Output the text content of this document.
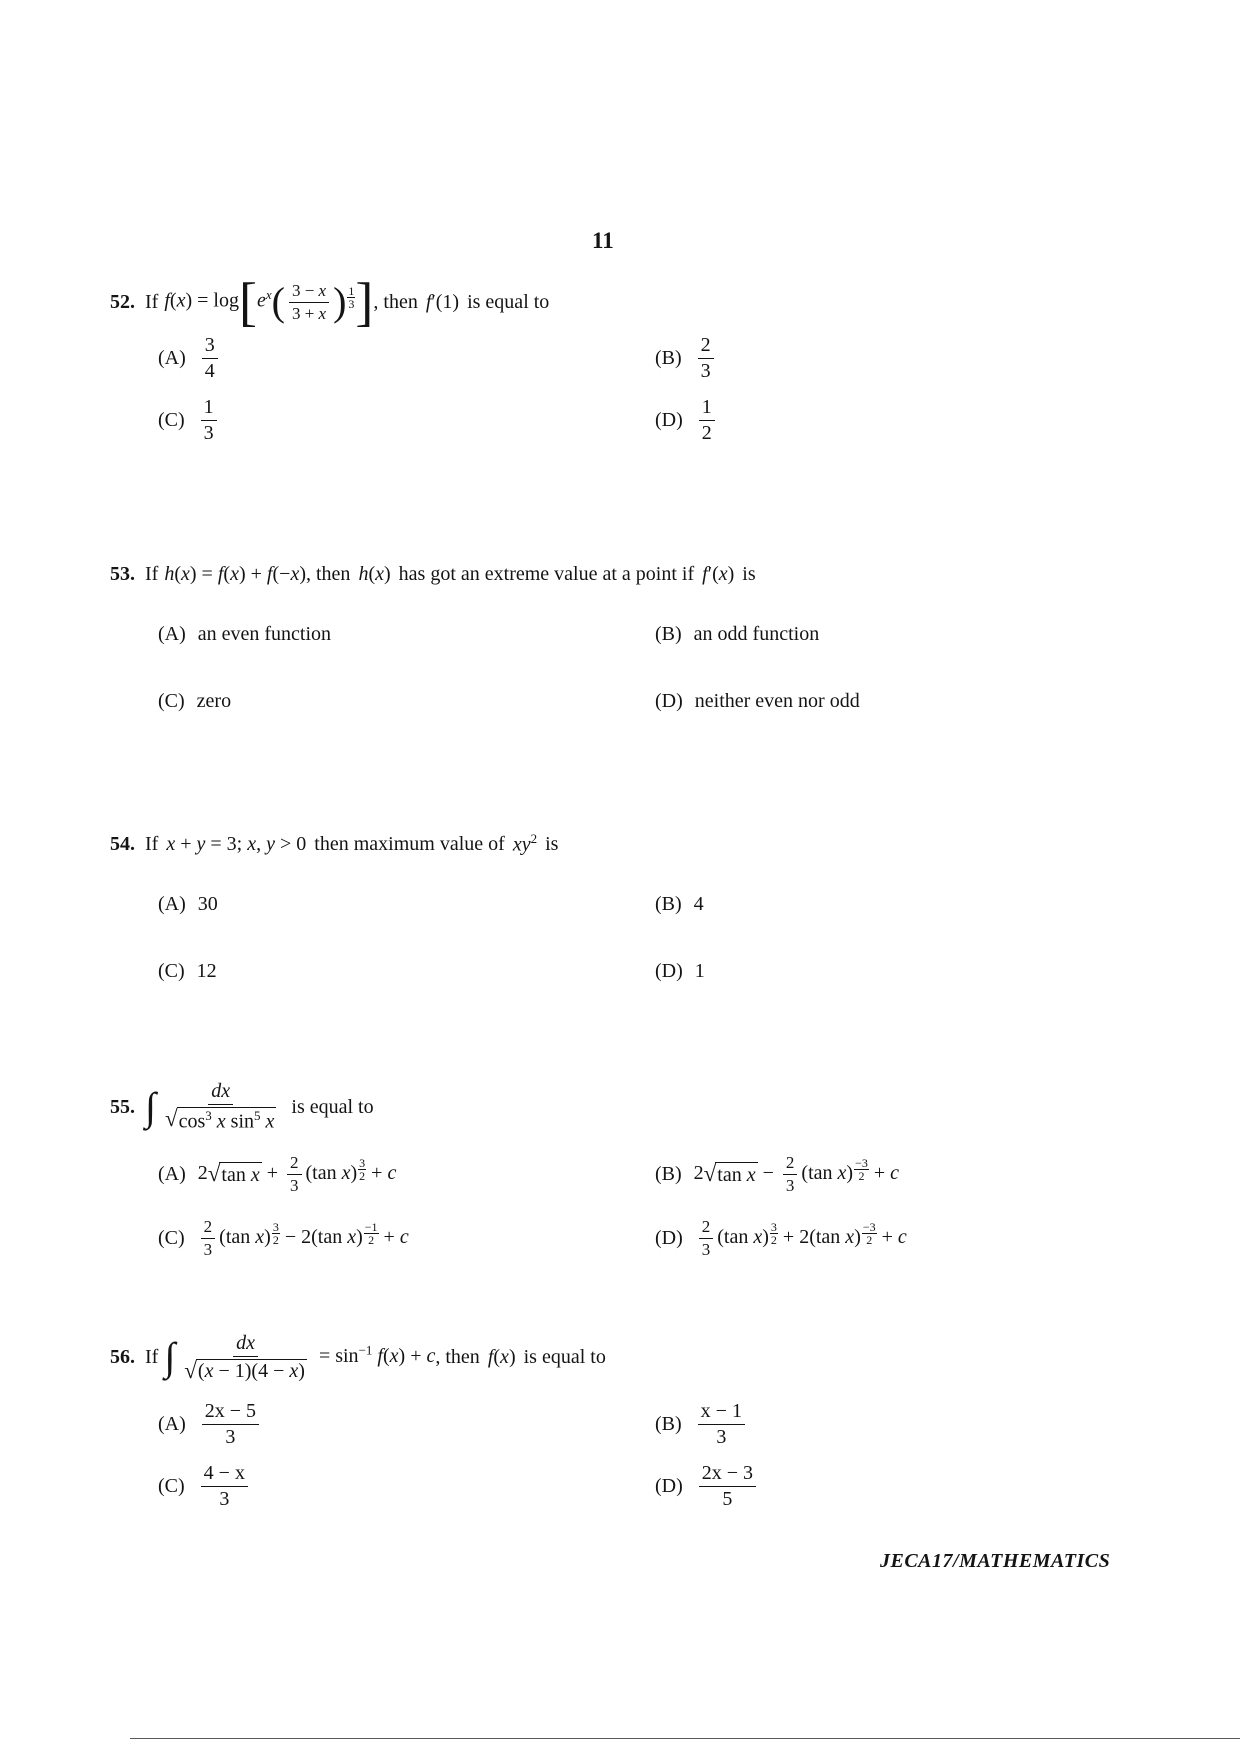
11
52. If $f(x) = \log[e^x( \frac{3 - x}{3 + x}$ ) $\frac{1}{3}$ ] , then f′(1) is equal to
$(A) \frac{3}{4}$	$(B) \frac{2}{3}$
$(C) \frac{1}{3}$	$(D) \frac{1}{2}$
53. If h(x) = f(x) + f(−x) , then h(x) has got an extreme value at a point if f′(x) is
(A) an even function	(B) an odd function
(C) zero	(D) neither even nor odd
54. If x + y = 3; x, y > 0 then maximum value of $xy^2$ is
(A) 30	(B) 4
(C) 12	(D) 1
55. ∫ $\frac{dx}{√ \cos^3 x \sin^5 x}$ is equal to
(A) 2 √ $\tan x + \frac{2}{3} (\tan$ $x) \frac{3}{2} + c$	(B) 2 √ $\tan x - \frac{2}{3} (\tan$ $x) \frac{-3}{2} + c$
$(C) \frac{2}{3} (\tan$ $x) \frac{3}{2} - 2(\tan$ $x) \frac{-1}{2} + c$	$(D) \frac{2}{3} (\tan$ $x) \frac{3}{2} + 2(\tan$ $x) \frac{-3}{2} + c$
56. If ∫ $\frac{dx}{√ (x - 1)(4 - x)} = \sin^{-1} f(x) + c$ , then f(x) is equal to
$(A) \frac{2x - 5}{3}$	$(B) \frac{x - 1}{3}$
$(C) \frac{4 - x}{3}$	$(D) \frac{2x - 3}{5}$
JECA17/MATHEMATICS
